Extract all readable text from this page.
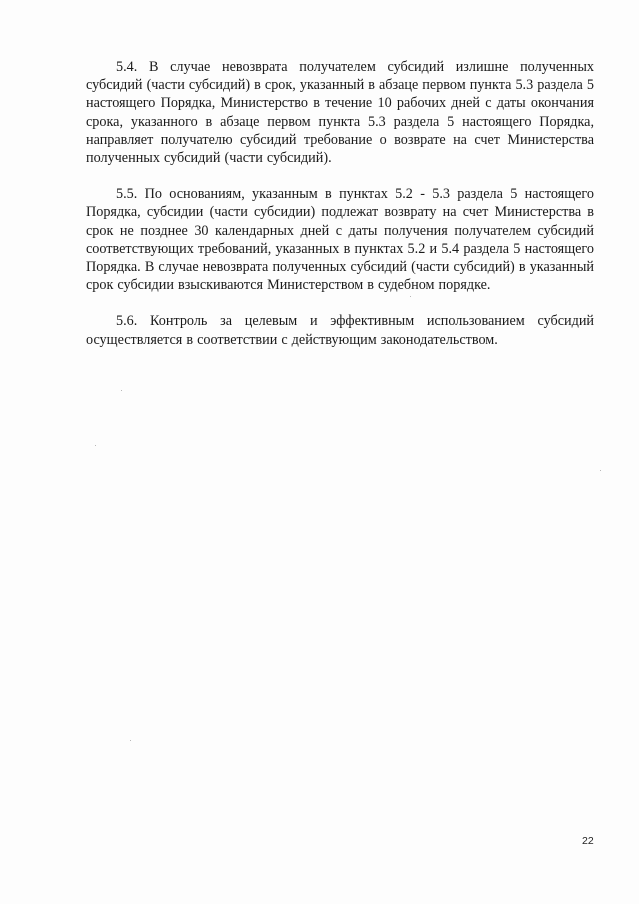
5.4. В случае невозврата получателем субсидий излишне полученных субсидий (части субсидий) в срок, указанный в абзаце первом пункта 5.3 раздела 5 настоящего Порядка, Министерство в течение 10 рабочих дней с даты окончания срока, указанного в абзаце первом пункта 5.3 раздела 5 настоящего Порядка, направляет получателю субсидий требование о возврате на счет Министерства полученных субсидий (части субсидий).

5.5. По основаниям, указанным в пунктах 5.2 - 5.3 раздела 5 настоящего Порядка, субсидии (части субсидии) подлежат возврату на счет Министерства в срок не позднее 30 календарных дней с даты получения получателем субсидий соответствующих требований, указанных в пунктах 5.2 и 5.4 раздела 5 настоящего Порядка. В случае невозврата полученных субсидий (части субсидий) в указанный срок субсидии взыскиваются Министерством в судебном порядке.

5.6. Контроль за целевым и эффективным использованием субсидий осуществляется в соответствии с действующим законодательством.

22
